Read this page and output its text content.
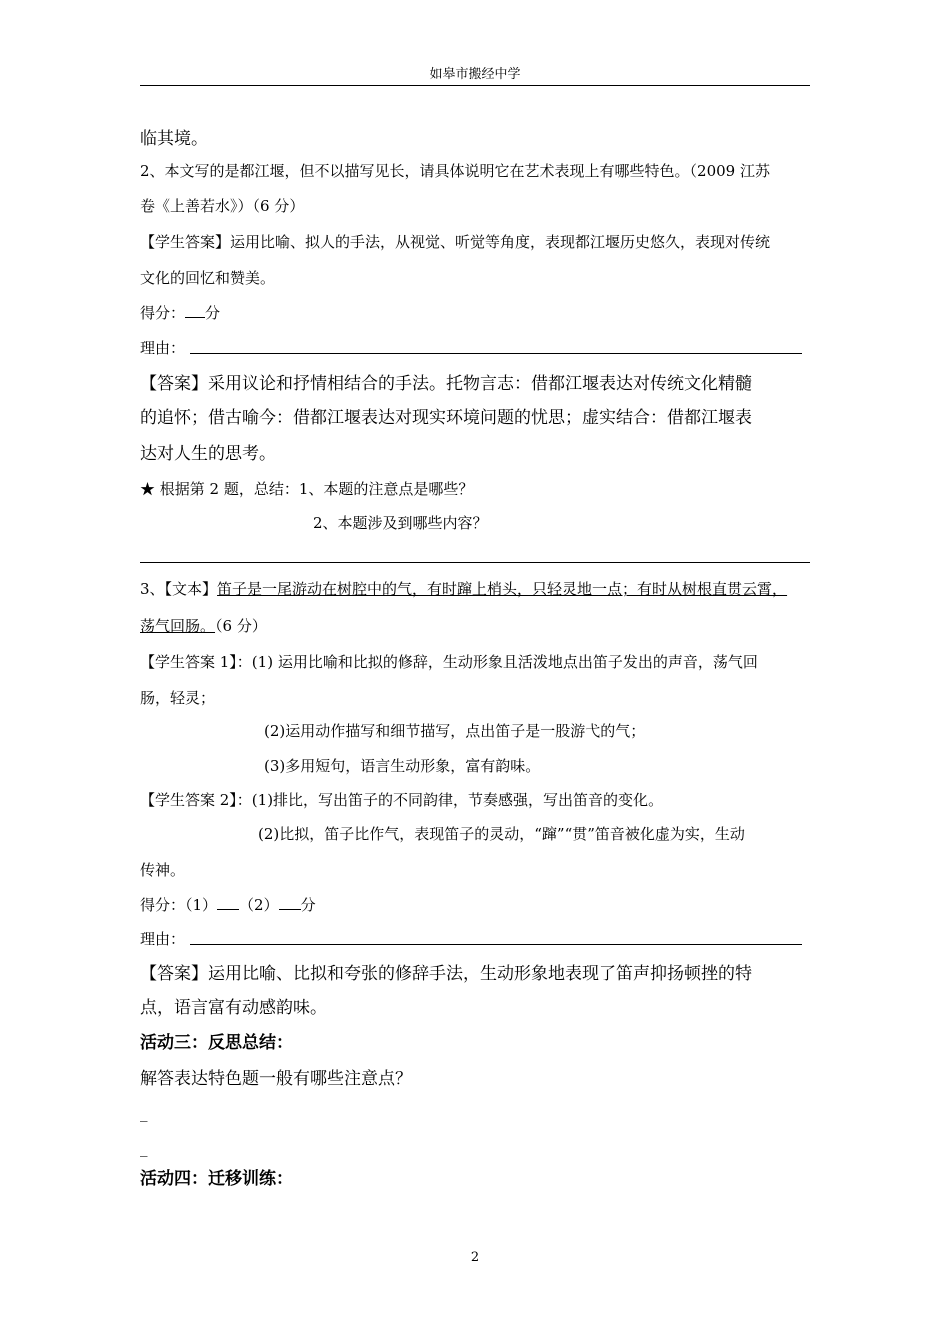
如皋市搬经中学
临其境。
2、本文写的是都江堰，但不以描写见长，请具体说明它在艺术表现上有哪些特色。（2009 江苏
卷《上善若水》）（6 分）
【学生答案】运用比喻、拟人的手法，从视觉、听觉等角度，表现都江堰历史悠久，表现对传统
文化的回忆和赞美。
得分： 分
理由：
【答案】采用议论和抒情相结合的手法。托物言志：借都江堰表达对传统文化精髓
的追怀；借古喻今：借都江堰表达对现实环境问题的忧思；虚实结合：借都江堰表
达对人生的思考。
★ 根据第 2 题，总结：1、本题的注意点是哪些？
2、本题涉及到哪些内容？
3、【文本】笛子是一尾游动在树腔中的气，有时蹿上梢头，只轻灵地一点；有时从树根直贯云霄，
荡气回肠。（6 分）
【学生答案 1】：(1) 运用比喻和比拟的修辞，生动形象且活泼地点出笛子发出的声音，荡气回
肠，轻灵；
(2)运用动作描写和细节描写，点出笛子是一股游弋的气；
(3)多用短句，语言生动形象，富有韵味。
【学生答案 2】：(1)排比，写出笛子的不同韵律，节奏感强，写出笛音的变化。
(2)比拟，笛子比作气，表现笛子的灵动，“蹿”“贯”笛音被化虚为实，生动
传神。
得分：（1） （2） 分
理由：
【答案】运用比喻、比拟和夸张的修辞手法，生动形象地表现了笛声抑扬顿挫的特
点，语言富有动感韵味。
活动三：反思总结：
解答表达特色题一般有哪些注意点？
_
_
活动四：迁移训练：
2
